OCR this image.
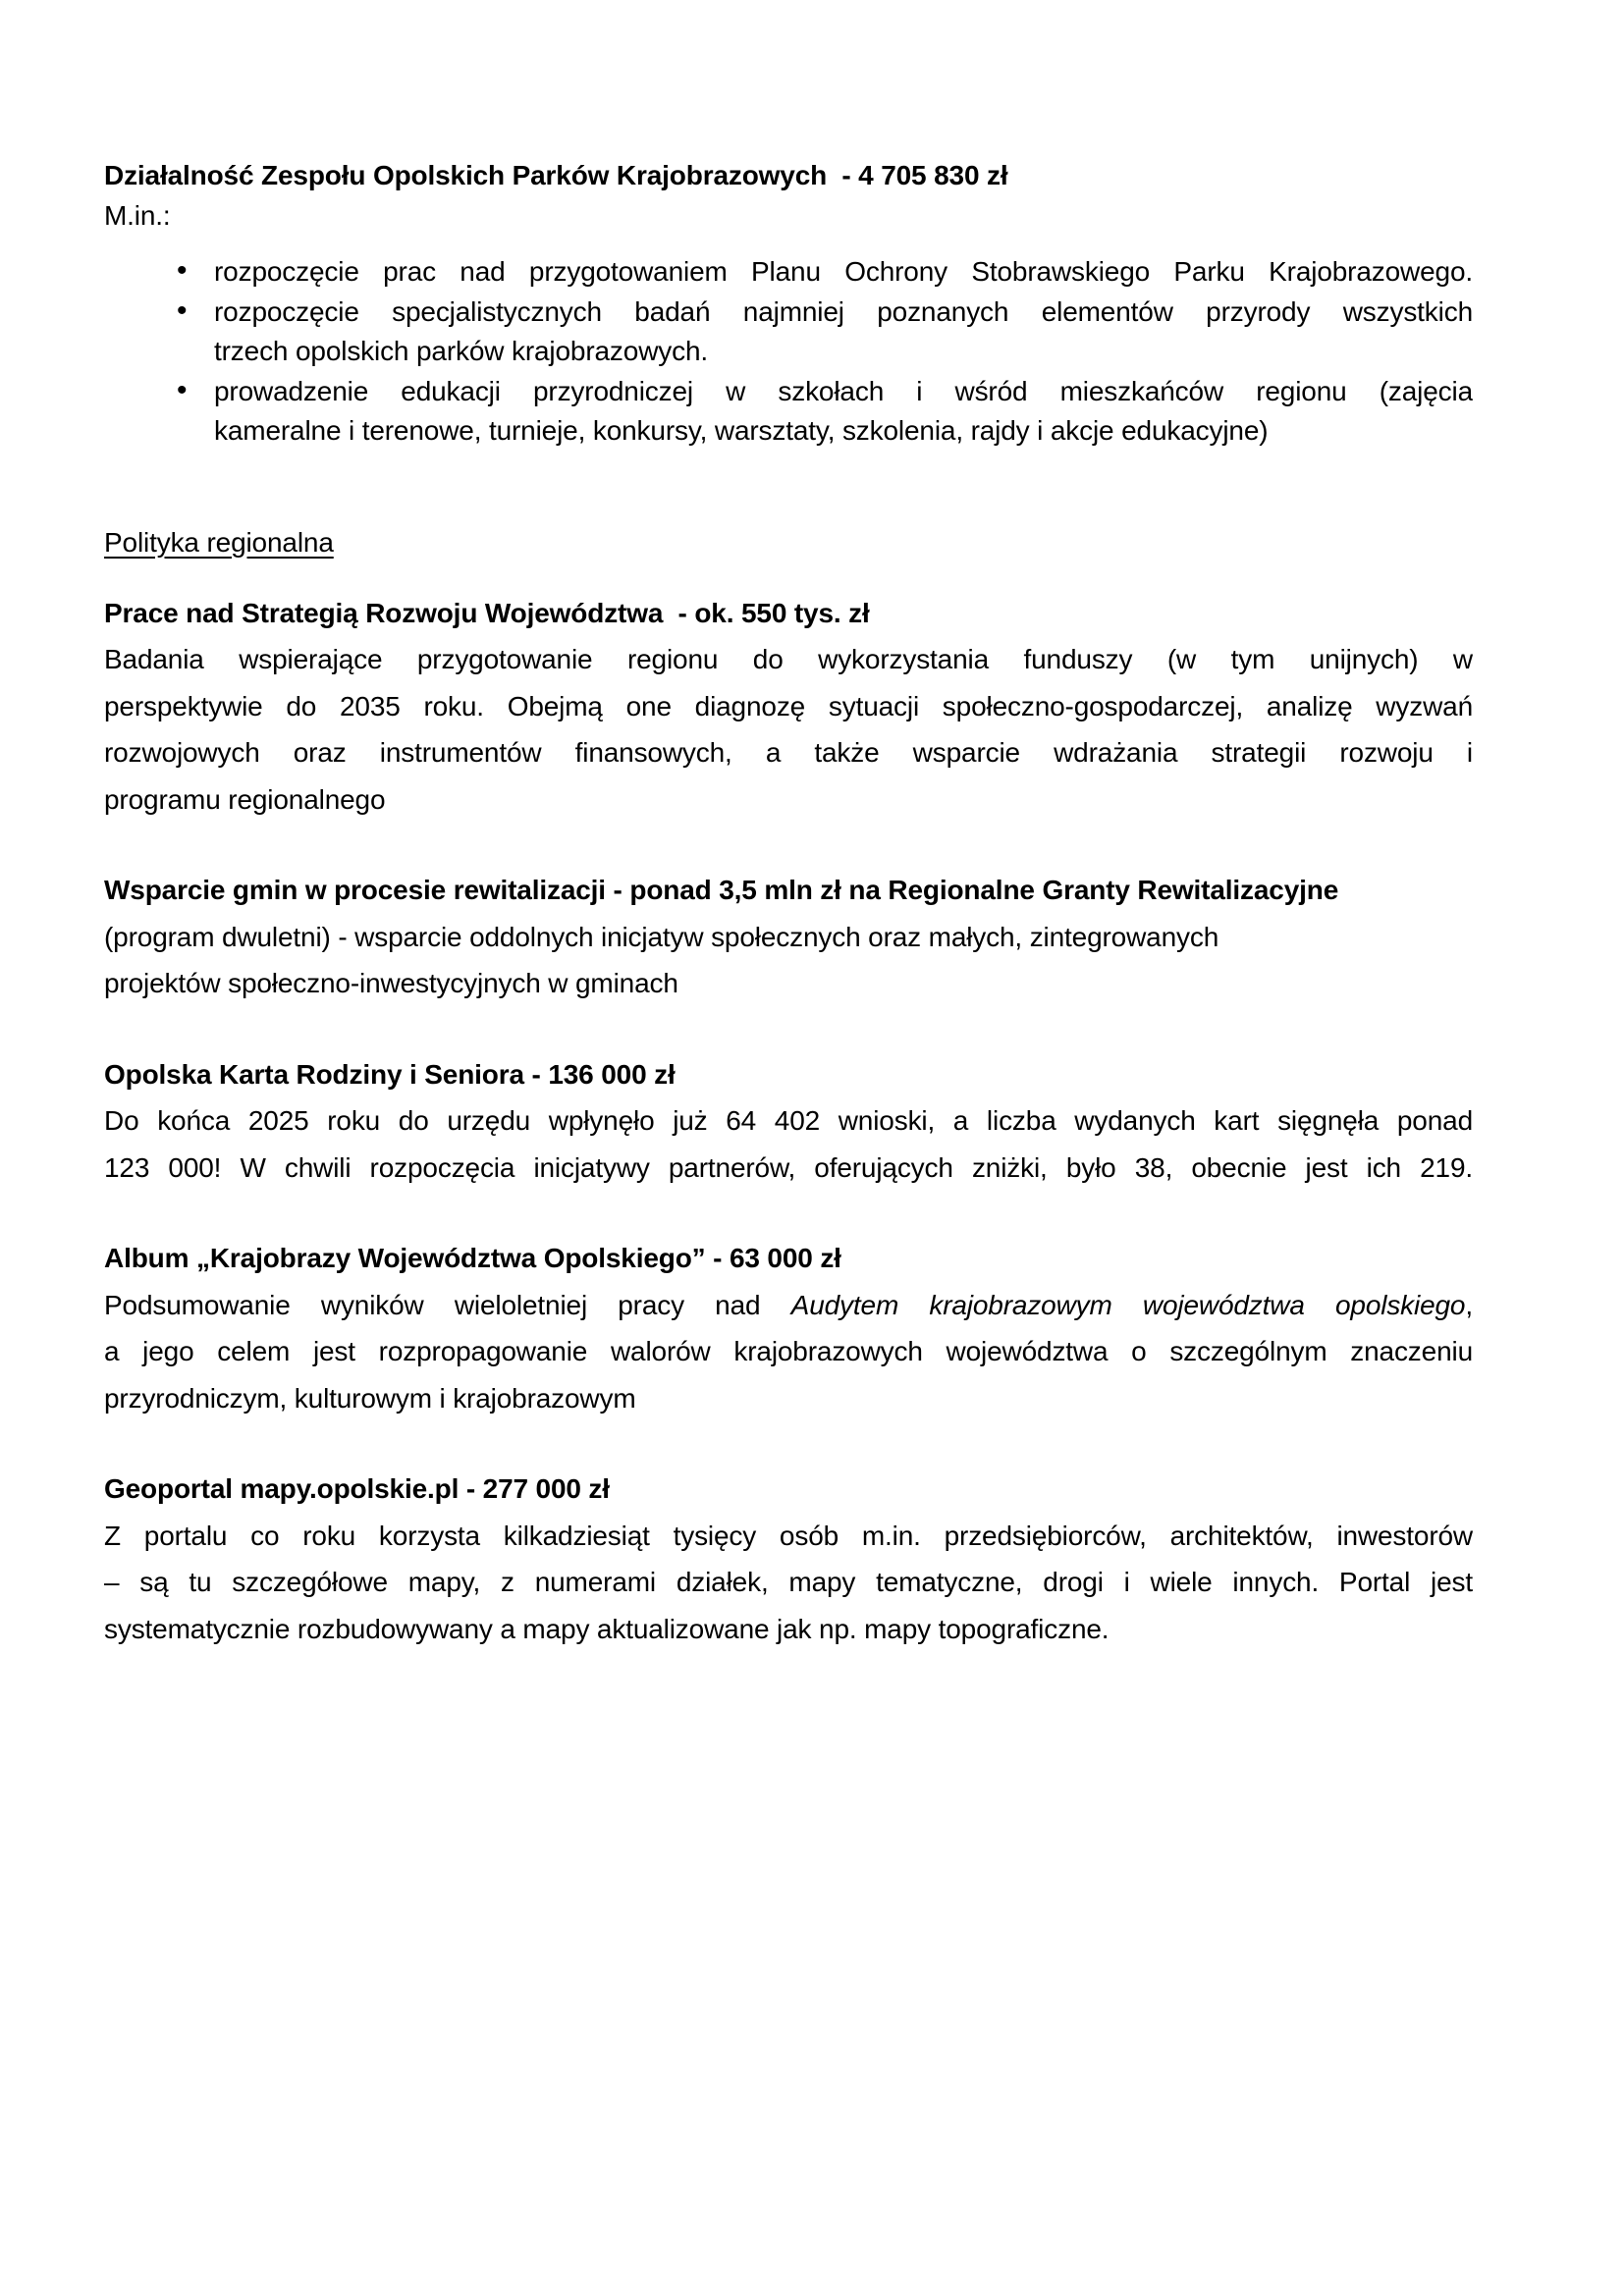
Działalność Zespołu Opolskich Parków Krajobrazowych  - 4 705 830 zł
M.in.:
• rozpoczęcie prac nad przygotowaniem Planu Ochrony Stobrawskiego Parku Krajobrazowego.
• rozpoczęcie specjalistycznych badań najmniej poznanych elementów przyrody wszystkich
trzech opolskich parków krajobrazowych.
• prowadzenie edukacji przyrodniczej w szkołach i wśród mieszkańców regionu (zajęcia
kameralne i terenowe, turnieje, konkursy, warsztaty, szkolenia, rajdy i akcje edukacyjne)
Polityka regionalna
Prace nad Strategią Rozwoju Województwa  - ok. 550 tys. zł
Badania wspierające przygotowanie regionu do wykorzystania funduszy (w tym unijnych) w
perspektywie do 2035 roku. Obejmą one diagnozę sytuacji społeczno-gospodarczej, analizę wyzwań
rozwojowych oraz instrumentów finansowych, a także wsparcie wdrażania strategii rozwoju i
programu regionalnego
Wsparcie gmin w procesie rewitalizacji - ponad 3,5 mln zł na Regionalne Granty Rewitalizacyjne
(program dwuletni) - wsparcie oddolnych inicjatyw społecznych oraz małych, zintegrowanych
projektów społeczno-inwestycyjnych w gminach
Opolska Karta Rodziny i Seniora - 136 000 zł
Do końca 2025 roku do urzędu wpłynęło już 64 402 wnioski, a liczba wydanych kart sięgnęła ponad
123 000! W chwili rozpoczęcia inicjatywy partnerów, oferujących zniżki, było 38, obecnie jest ich 219.
Album „Krajobrazy Województwa Opolskiego” - 63 000 zł
Podsumowanie wyników wieloletniej pracy nad Audytem krajobrazowym województwa opolskiego,
a jego celem jest rozpropagowanie walorów krajobrazowych województwa o szczególnym znaczeniu
przyrodniczym, kulturowym i krajobrazowym
Geoportal mapy.opolskie.pl - 277 000 zł
Z portalu co roku korzysta kilkadziesiąt tysięcy osób m.in. przedsiębiorców, architektów, inwestorów
– są tu szczegółowe mapy, z numerami działek, mapy tematyczne, drogi i wiele innych. Portal jest
systematycznie rozbudowywany a mapy aktualizowane jak np. mapy topograficzne.
